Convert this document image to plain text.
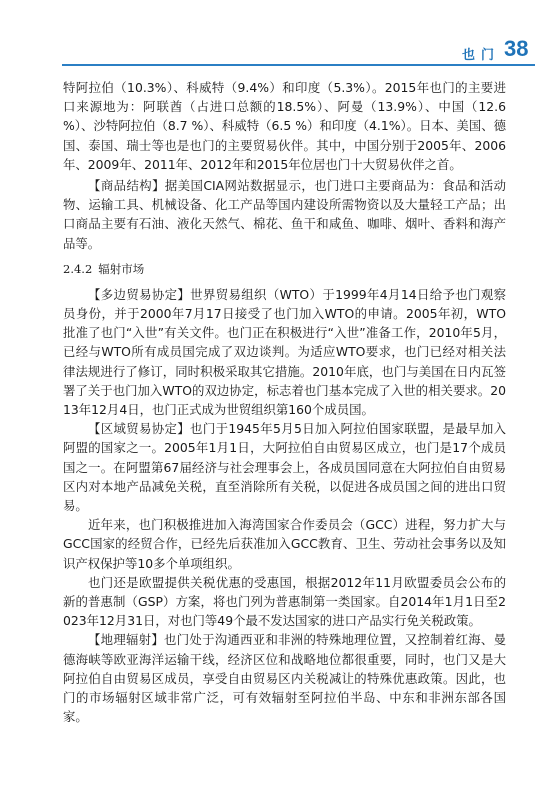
也门 38

特阿拉伯（10.3%）、科威特（9.4%）和印度（5.3%）。2015年也门的主要进口来源地为：阿联酋（占进口总额的18.5%）、阿曼（13.9%）、中国（12.6 %）、沙特阿拉伯（8.7 %）、科威特（6.5 %）和印度（4.1%）。日本、美国、德国、泰国、瑞士等也是也门的主要贸易伙伴。其中，中国分别于2005年、2006年、2009年、2011年、2012年和2015年位居也门十大贸易伙伴之首。

【商品结构】据美国CIA网站数据显示，也门进口主要商品为：食品和活动物、运输工具、机械设备、化工产品等国内建设所需物资以及大量轻工产品；出口商品主要有石油、液化天然气、棉花、鱼干和咸鱼、咖啡、烟叶、香料和海产品等。

2.4.2 辐射市场

【多边贸易协定】世界贸易组织（WTO）于1999年4月14日给予也门观察员身份，并于2000年7月17日接受了也门加入WTO的申请。2005年初，WTO批准了也门“入世”有关文件。也门正在积极进行“入世”准备工作，2010年5月，已经与WTO所有成员国完成了双边谈判。为适应WTO要求，也门已经对相关法律法规进行了修订，同时积极采取其它措施。2010年底，也门与美国在日内瓦签署了关于也门加入WTO的双边协定，标志着也门基本完成了入世的相关要求。2013年12月4日，也门正式成为世贸组织第160个成员国。

【区域贸易协定】也门于1945年5月5日加入阿拉伯国家联盟，是最早加入阿盟的国家之一。2005年1月1日，大阿拉伯自由贸易区成立，也门是17个成员国之一。在阿盟第67届经济与社会理事会上，各成员国同意在大阿拉伯自由贸易区内对本地产品减免关税，直至消除所有关税，以促进各成员国之间的进出口贸易。

近年来，也门积极推进加入海湾国家合作委员会（GCC）进程，努力扩大与GCC国家的经贸合作，已经先后获准加入GCC教育、卫生、劳动社会事务以及知识产权保护等10多个单项组织。

也门还是欧盟提供关税优惠的受惠国，根据2012年11月欧盟委员会公布的新的普惠制（GSP）方案，将也门列为普惠制第一类国家。自2014年1月1日至2023年12月31日，对也门等49个最不发达国家的进口产品实行免关税政策。

【地理辐射】也门处于沟通西亚和非洲的特殊地理位置，又控制着红海、曼德海峡等欧亚海洋运输干线，经济区位和战略地位都很重要，同时，也门又是大阿拉伯自由贸易区成员，享受自由贸易区内关税减让的特殊优惠政策。因此，也门的市场辐射区域非常广泛，可有效辐射至阿拉伯半岛、中东和非洲东部各国家。
